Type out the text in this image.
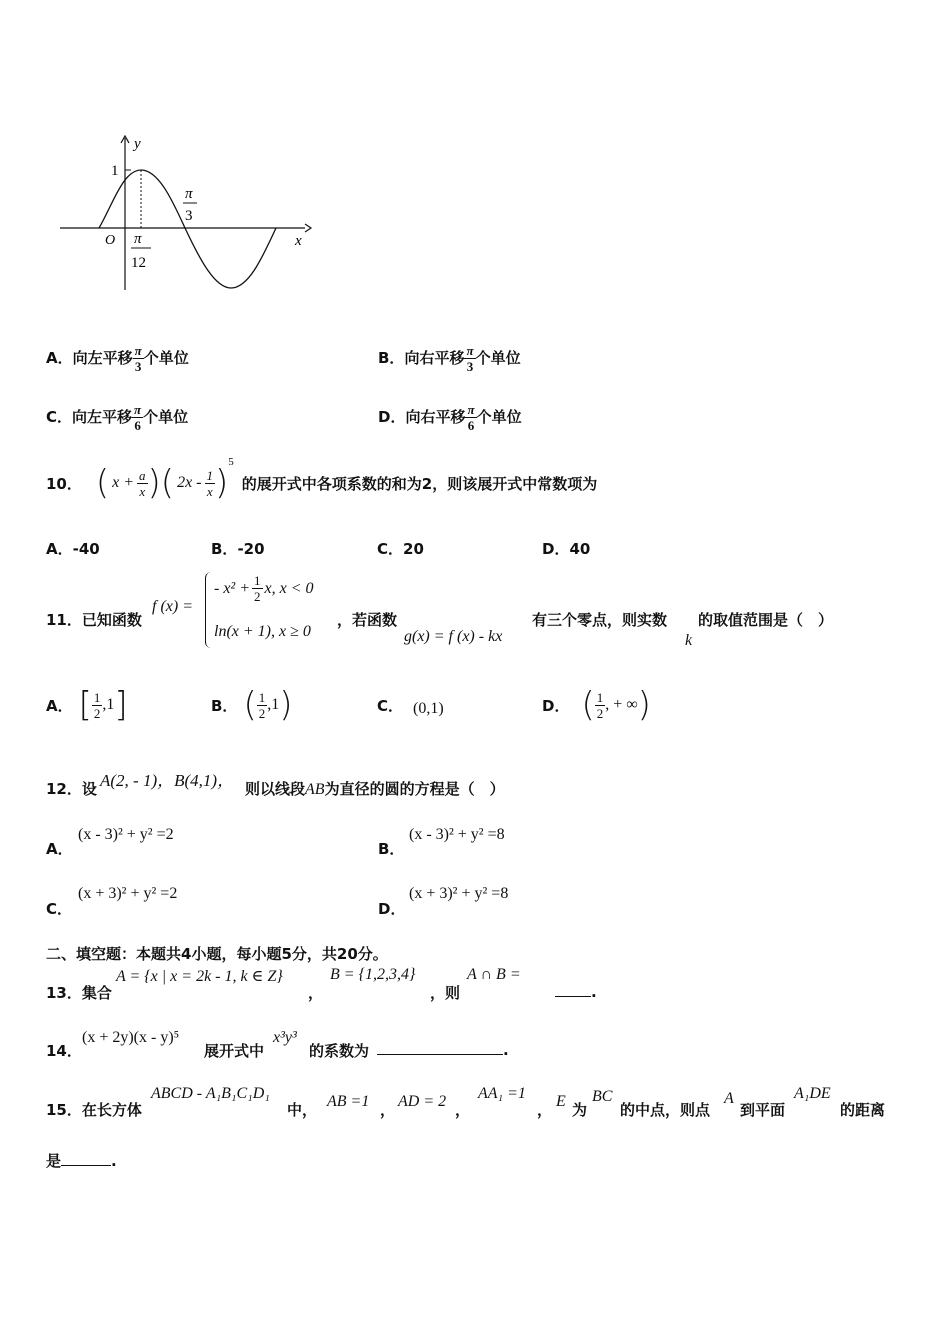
y
x
O
1
π
12
π
3
A．向左平移 $\frac{\pi}{3}$ 个单位	B．向右平移 $\frac{\pi}{3}$ 个单位
C．向左平移 $\frac{\pi}{6}$ 个单位	D．向右平移 $\frac{\pi}{6}$ 个单位
10． ( $x + \frac{a}{x}$ )( $2x - \frac{1}{x}$ )
5
的展开式中各项系数的和为2，则该展开式中常数项为
A．-40	B．-20	C．20	D．40
11．已知函数
f (x) =
- $x^2 + \frac{1}{2} x$, x < 0
ln(x + 1), x ≥ 0
，若函数
g(x) = f (x) - kx
有三个零点，则实数
k
的取值范围是（　）
A． [ $\frac{1}{2} ,1$ ]	B． ( $\frac{1}{2} ,1$ )	C． (0,1)	D． ( $\frac{1}{2}$ , + ∞ )
12．设 A(2, - 1)，B(4,1)， 则以线段AB为直径的圆的方程是（　）
A．
(x - 3)² + y² =2
B．
(x - 3)² + y² =8
C．
(x + 3)² + y² =2
D．
(x + 3)² + y² =8
二、填空题：本题共4小题，每小题5分，共20分。
13．集合
A = {x | x = 2k - 1, k ∈ Z}
，
B = {1,2,3,4}
，则
A ∩ B =
.
14．
(x + 2y)(x - y)⁵
展开式中
x³y³
的系数为	.
15．在长方体
ABCD - A₁B₁C₁D₁
中， AB =1 ， AD = 2 ，
AA₁ =1
， E 为
BC
的中点，则点
A
到平面
A₁DE
的距离
是	.
